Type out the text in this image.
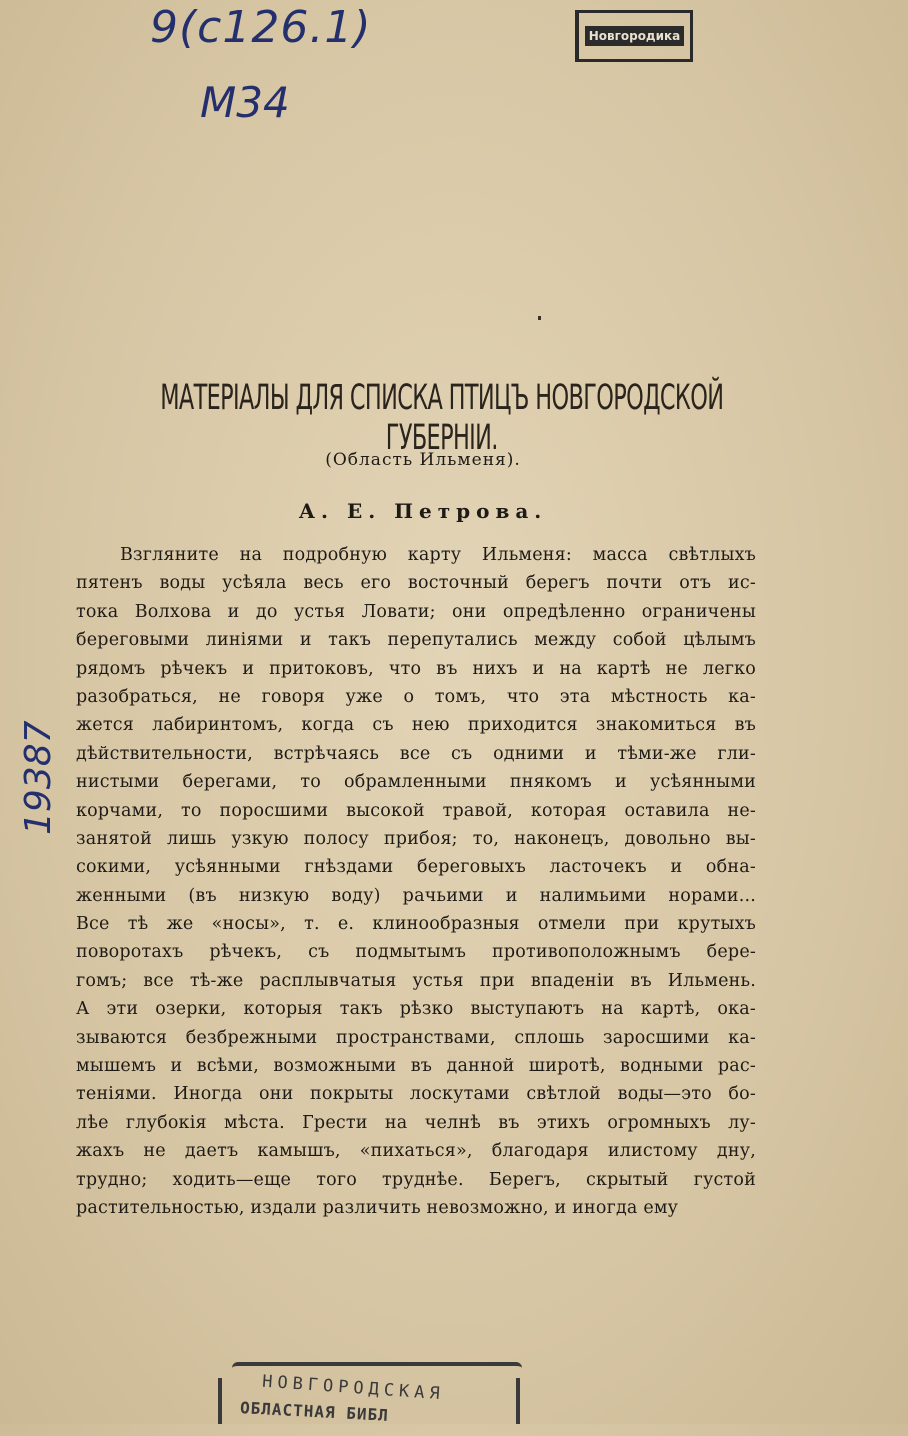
9(с126.1)
М34
19387
Новгородика
МАТЕРIАЛЫ ДЛЯ СПИСКА ПТИЦЪ НОВГОРОДСКОЙ ГУБЕРНIИ.
(Область Ильменя).
А. Е. Петрова.
Взгляните на подробную карту Ильменя: масса свѣтлыхъ
пятенъ воды усѣяла весь его восточный берегъ почти отъ ис-
тока Волхова и до устья Ловати; они опредѣленно ограничены
береговыми линiями и такъ перепутались между собой цѣлымъ
рядомъ рѣчекъ и притоковъ, что въ нихъ и на картѣ не легко
разобраться, не говоря уже о томъ, что эта мѣстность ка-
жется лабиринтомъ, когда съ нею приходится знакомиться въ
дѣйствительности, встрѣчаясь все съ одними и тѣми-же гли-
нистыми берегами, то обрамленными пнякомъ и усѣянными
корчами, то поросшими высокой травой, которая оставила не-
занятой лишь узкую полосу прибоя; то, наконецъ, довольно вы-
сокими, усѣянными гнѣздами береговыхъ ласточекъ и обна-
женными (въ низкую воду) рачьими и налимьими норами...
Все тѣ же «носы», т. е. клинообразныя отмели при крутыхъ
поворотахъ рѣчекъ, съ подмытымъ противоположнымъ бере-
гомъ; все тѣ-же расплывчатыя устья при впаденiи въ Ильмень.
А эти озерки, которыя такъ рѣзко выступаютъ на картѣ, ока-
зываются безбрежными пространствами, сплошь заросшими ка-
мышемъ и всѣми, возможными въ данной широтѣ, водными рас-
тенiями. Иногда они покрыты лоскутами свѣтлой воды—это бо-
лѣе глубокiя мѣста. Грести на челнѣ въ этихъ огромныхъ лу-
жахъ не даетъ камышъ, «пихаться», благодаря илистому дну,
трудно; ходить—еще того труднѣе. Берегъ, скрытый густой
растительностью, издали различить невозможно, и иногда ему
НОВГОРОДСКАЯ
ОБЛАСТНАЯ БИБЛ
